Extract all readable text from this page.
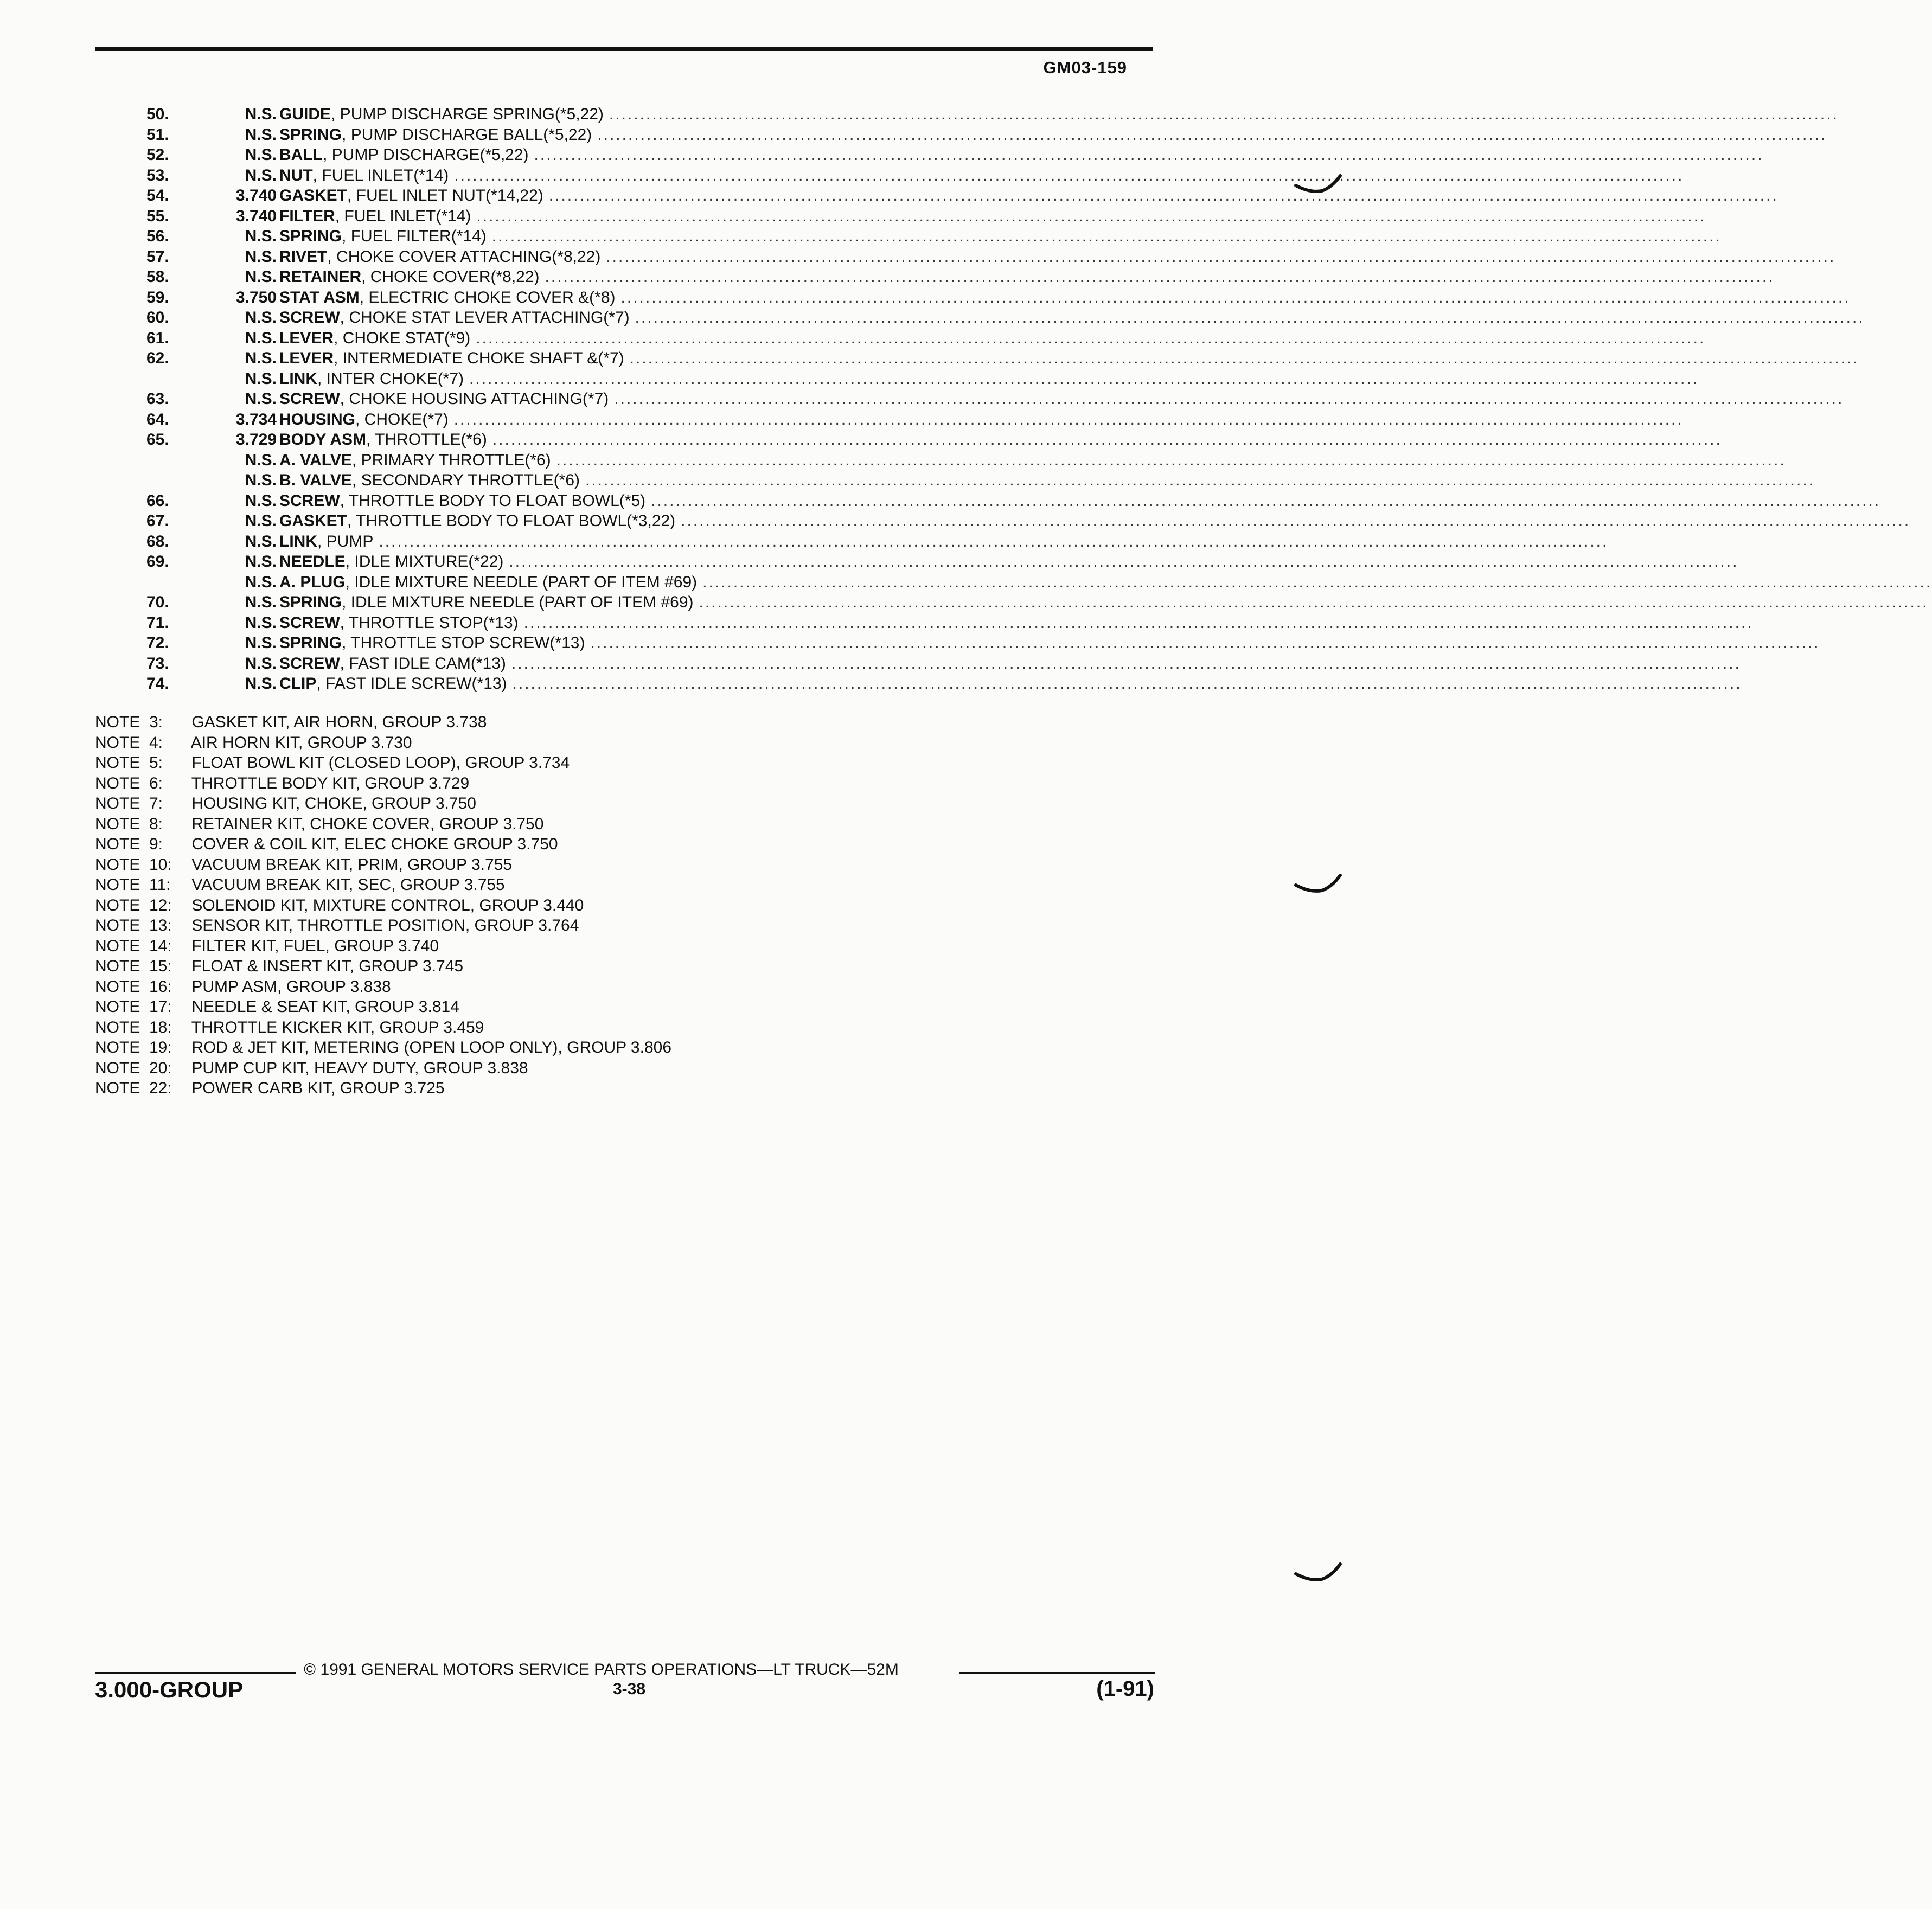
GM03-159
50.	N.S. GUIDE, PUMP DISCHARGE SPRING(*5,22) ........................................................................................................................................................................................................
51.	N.S. SPRING, PUMP DISCHARGE BALL(*5,22) ........................................................................................................................................................................................................
52.	N.S. BALL, PUMP DISCHARGE(*5,22) ........................................................................................................................................................................................................
53.	N.S. NUT, FUEL INLET(*14) ........................................................................................................................................................................................................
54.	3.740 GASKET, FUEL INLET NUT(*14,22) ........................................................................................................................................................................................................
55.	3.740 FILTER, FUEL INLET(*14) ........................................................................................................................................................................................................
56.	N.S. SPRING, FUEL FILTER(*14) ........................................................................................................................................................................................................
57.	N.S. RIVET, CHOKE COVER ATTACHING(*8,22) ........................................................................................................................................................................................................
58.	N.S. RETAINER, CHOKE COVER(*8,22) ........................................................................................................................................................................................................
59.	3.750 STAT ASM, ELECTRIC CHOKE COVER &(*8) ........................................................................................................................................................................................................
60.	N.S. SCREW, CHOKE STAT LEVER ATTACHING(*7) ........................................................................................................................................................................................................
61.	N.S. LEVER, CHOKE STAT(*9) ........................................................................................................................................................................................................
62.	N.S. LEVER, INTERMEDIATE CHOKE SHAFT &(*7) ........................................................................................................................................................................................................
N.S. LINK, INTER CHOKE(*7) ........................................................................................................................................................................................................
63.	N.S. SCREW, CHOKE HOUSING ATTACHING(*7) ........................................................................................................................................................................................................
64.	3.734 HOUSING, CHOKE(*7) ........................................................................................................................................................................................................
65.	3.729 BODY ASM, THROTTLE(*6) ........................................................................................................................................................................................................
N.S. A. VALVE, PRIMARY THROTTLE(*6) ........................................................................................................................................................................................................
N.S. B. VALVE, SECONDARY THROTTLE(*6) ........................................................................................................................................................................................................
66.	N.S. SCREW, THROTTLE BODY TO FLOAT BOWL(*5) ........................................................................................................................................................................................................
67.	N.S. GASKET, THROTTLE BODY TO FLOAT BOWL(*3,22) ........................................................................................................................................................................................................
68.	N.S. LINK, PUMP ........................................................................................................................................................................................................
69.	N.S. NEEDLE, IDLE MIXTURE(*22) ........................................................................................................................................................................................................
N.S. A. PLUG, IDLE MIXTURE NEEDLE (PART OF ITEM #69) ........................................................................................................................................................................................................
70.	N.S. SPRING, IDLE MIXTURE NEEDLE (PART OF ITEM #69) ........................................................................................................................................................................................................
71.	N.S. SCREW, THROTTLE STOP(*13) ........................................................................................................................................................................................................
72.	N.S. SPRING, THROTTLE STOP SCREW(*13) ........................................................................................................................................................................................................
73.	N.S. SCREW, FAST IDLE CAM(*13) ........................................................................................................................................................................................................
74.	N.S. CLIP, FAST IDLE SCREW(*13) ........................................................................................................................................................................................................
NOTE 3: GASKET KIT, AIR HORN, GROUP 3.738
NOTE 4: AIR HORN KIT, GROUP 3.730
NOTE 5: FLOAT BOWL KIT (CLOSED LOOP), GROUP 3.734
NOTE 6: THROTTLE BODY KIT, GROUP 3.729
NOTE 7: HOUSING KIT, CHOKE, GROUP 3.750
NOTE 8: RETAINER KIT, CHOKE COVER, GROUP 3.750
NOTE 9: COVER & COIL KIT, ELEC CHOKE GROUP 3.750
NOTE 10: VACUUM BREAK KIT, PRIM, GROUP 3.755
NOTE 11: VACUUM BREAK KIT, SEC, GROUP 3.755
NOTE 12: SOLENOID KIT, MIXTURE CONTROL, GROUP 3.440
NOTE 13: SENSOR KIT, THROTTLE POSITION, GROUP 3.764
NOTE 14: FILTER KIT, FUEL, GROUP 3.740
NOTE 15: FLOAT & INSERT KIT, GROUP 3.745
NOTE 16: PUMP ASM, GROUP 3.838
NOTE 17: NEEDLE & SEAT KIT, GROUP 3.814
NOTE 18: THROTTLE KICKER KIT, GROUP 3.459
NOTE 19: ROD & JET KIT, METERING (OPEN LOOP ONLY), GROUP 3.806
NOTE 20: PUMP CUP KIT, HEAVY DUTY, GROUP 3.838
NOTE 22: POWER CARB KIT, GROUP 3.725
© 1991 GENERAL MOTORS SERVICE PARTS OPERATIONS—LT TRUCK—52M
3.000-GROUP	3-38	(1-91)
